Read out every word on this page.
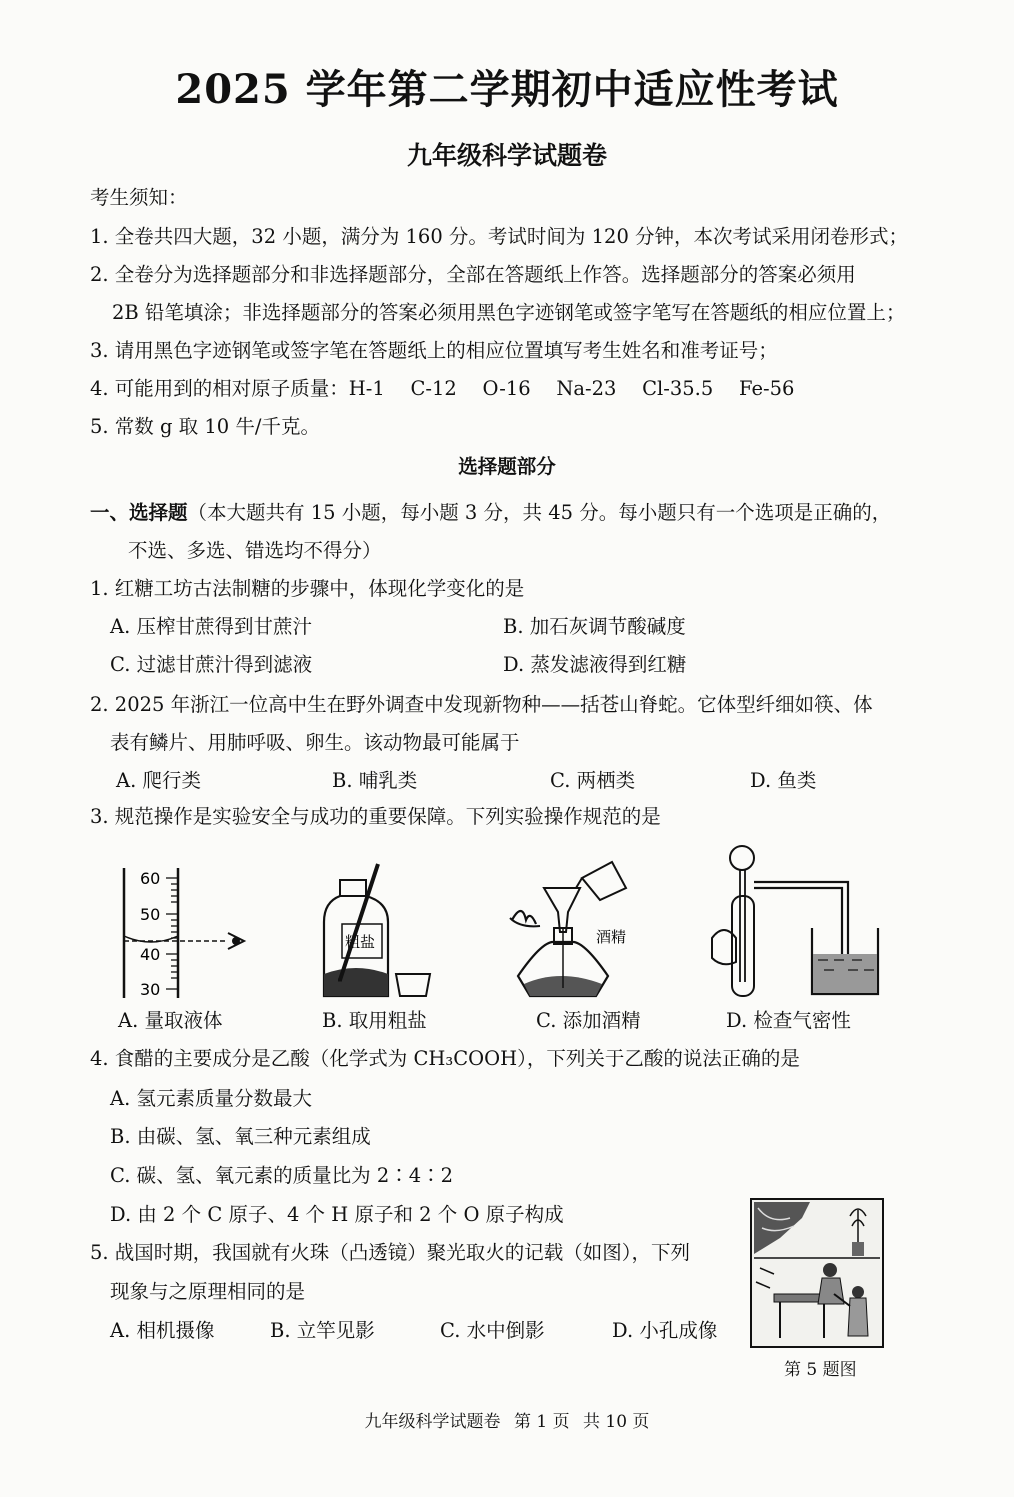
2025 学年第二学期初中适应性考试
九年级科学试题卷
考生须知：
1. 全卷共四大题，32 小题，满分为 160 分。考试时间为 120 分钟，本次考试采用闭卷形式；
2. 全卷分为选择题部分和非选择题部分，全部在答题纸上作答。选择题部分的答案必须用
2B 铅笔填涂；非选择题部分的答案必须用黑色字迹钢笔或签字笔写在答题纸的相应位置上；
3. 请用黑色字迹钢笔或签字笔在答题纸上的相应位置填写考生姓名和准考证号；
4. 可能用到的相对原子质量：H-1　 C-12　 O-16　 Na-23　 Cl-35.5　 Fe-56
5. 常数 g 取 10 牛/千克。
选择题部分
一、选择题（本大题共有 15 小题，每小题 3 分，共 45 分。每小题只有一个选项是正确的，
不选、多选、错选均不得分）
1. 红糖工坊古法制糖的步骤中，体现化学变化的是
A. 压榨甘蔗得到甘蔗汁	B. 加石灰调节酸碱度
C. 过滤甘蔗汁得到滤液	D. 蒸发滤液得到红糖
2. 2025 年浙江一位高中生在野外调查中发现新物种——括苍山脊蛇。它体型纤细如筷、体
表有鳞片、用肺呼吸、卵生。该动物最可能属于
A. 爬行类	B. 哺乳类	C. 两栖类	D. 鱼类
3. 规范操作是实验安全与成功的重要保障。下列实验操作规范的是
60
50
40
30
A. 量取液体
粗盐
B. 取用粗盐
酒精
C. 添加酒精	D. 检查气密性
4. 食醋的主要成分是乙酸（化学式为 CH₃COOH），下列关于乙酸的说法正确的是
A. 氢元素质量分数最大
B. 由碳、氢、氧三种元素组成
C. 碳、氢、氧元素的质量比为 2∶4∶2
D. 由 2 个 C 原子、4 个 H 原子和 2 个 O 原子构成
5. 战国时期，我国就有火珠（凸透镜）聚光取火的记载（如图），下列
现象与之原理相同的是
A. 相机摄像	B. 立竿见影	C. 水中倒影	D. 小孔成像
第 5 题图
九年级科学试题卷 第 1 页 共 10 页
